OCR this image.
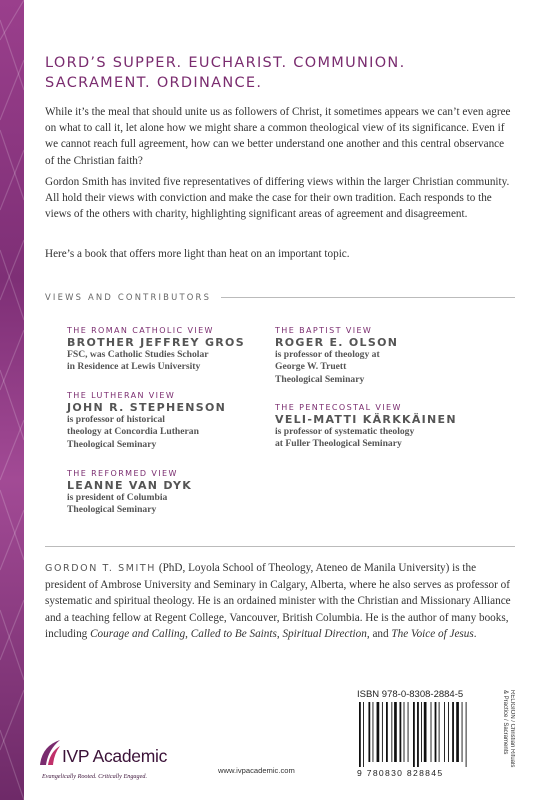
LORD’S SUPPER. EUCHARIST. COMMUNION.
SACRAMENT. ORDINANCE.

While it’s the meal that should unite us as followers of Christ, it sometimes appears we can’t even agree on what to call it, let alone how we might share a common theological view of its significance. Even if we cannot reach full agreement, how can we better understand one another and this central observance of the Christian faith?

Gordon Smith has invited five representatives of differing views within the larger Christian community. All hold their views with conviction and make the case for their own tradition. Each responds to the views of the others with charity, highlighting significant areas of agreement and disagreement.

Here’s a book that offers more light than heat on an important topic.

VIEWS AND CONTRIBUTORS
THE ROMAN CATHOLIC VIEW
BROTHER JEFFREY GROS
FSC, was Catholic Studies Scholar
in Residence at Lewis University
THE BAPTIST VIEW
ROGER E. OLSON
is professor of theology at
George W. Truett
Theological Seminary
THE LUTHERAN VIEW
JOHN R. STEPHENSON
is professor of historical
theology at Concordia Lutheran
Theological Seminary
THE PENTECOSTAL VIEW
VELI-MATTI KÄRKKÄINEN
is professor of systematic theology
at Fuller Theological Seminary
THE REFORMED VIEW
LEANNE VAN DYK
is president of Columbia
Theological Seminary

GORDON T. SMITH (PhD, Loyola School of Theology, Ateneo de Manila University) is the president of Ambrose University and Seminary in Calgary, Alberta, where he also serves as professor of systematic and spiritual theology. He is an ordained minister with the Christian and Missionary Alliance and a teaching fellow at Regent College, Vancouver, British Columbia. He is the author of many books, including Courage and Calling, Called to Be Saints, Spiritual Direction, and The Voice of Jesus.

ISBN 978-0-8308-2884-5
9 780830 828845
RELIGION / Christian Rituals & Practice / Sacraments
IVP Academic
Evangelically Rooted. Critically Engaged.
www.ivpacademic.com
